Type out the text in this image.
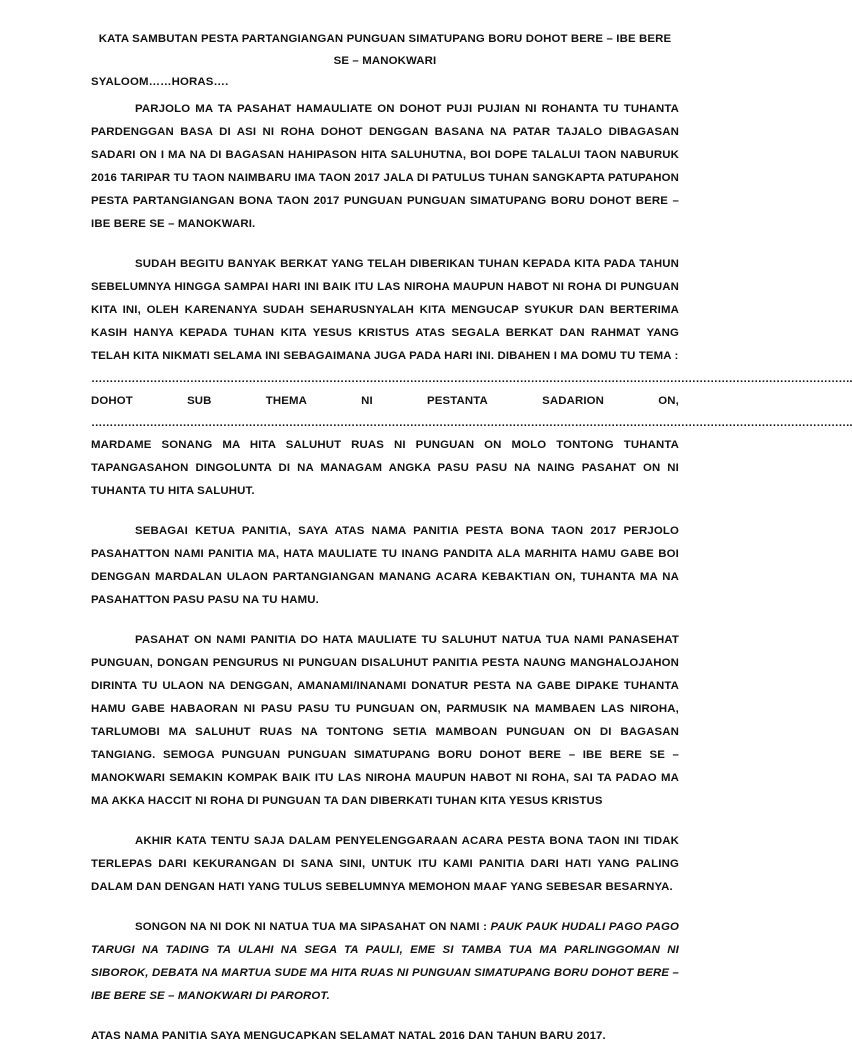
KATA SAMBUTAN PESTA PARTANGIANGAN PUNGUAN SIMATUPANG BORU DOHOT BERE – IBE BERE

SE – MANOKWARI

SYALOOM……HORAS….

PARJOLO MA TA PASAHAT HAMAULIATE ON DOHOT PUJI PUJIAN NI ROHANTA TU TUHANTA PARDENGGAN BASA DI ASI NI ROHA DOHOT DENGGAN BASANA NA PATAR TAJALO DIBAGASAN SADARI ON I MA NA DI BAGASAN HAHIPASON HITA SALUHUTNA, BOI DOPE TALALUI TAON NABURUK 2016 TARIPAR TU TAON NAIMBARU IMA TAON 2017 JALA DI PATULUS TUHAN SANGKAPTA PATUPAHON PESTA PARTANGIANGAN BONA TAON 2017 PUNGUAN PUNGUAN SIMATUPANG BORU DOHOT BERE – IBE BERE SE – MANOKWARI.

SUDAH BEGITU BANYAK BERKAT YANG TELAH DIBERIKAN TUHAN KEPADA KITA PADA TAHUN SEBELUMNYA HINGGA SAMPAI HARI INI BAIK ITU LAS NIROHA MAUPUN HABOT NI ROHA DI PUNGUAN KITA INI, OLEH KARENANYA SUDAH SEHARUSNYALAH KITA MENGUCAP SYUKUR DAN BERTERIMA KASIH HANYA KEPADA TUHAN KITA YESUS KRISTUS ATAS SEGALA BERKAT DAN RAHMAT YANG TELAH KITA NIKMATI SELAMA INI SEBAGAIMANA JUGA PADA HARI INI. DIBAHEN I MA DOMU TU TEMA :

……………………………………………………………………………………………………………………………………………………………………………………….

DOHOT	SUB	THEMA	NI	PESTANTA	SADARION	ON,

……………………………………………………………………………………………………………………………………………………………………………………….

MARDAME SONANG MA HITA SALUHUT RUAS NI PUNGUAN ON MOLO TONTONG TUHANTA TAPANGASAHON DINGOLUNTA DI NA MANAGAM ANGKA PASU PASU NA NAING PASAHAT ON NI TUHANTA TU HITA SALUHUT.

SEBAGAI KETUA PANITIA, SAYA ATAS NAMA PANITIA PESTA BONA TAON 2017 PERJOLO PASAHATTON NAMI PANITIA MA, HATA MAULIATE TU INANG PANDITA ALA MARHITA HAMU GABE BOI DENGGAN MARDALAN ULAON PARTANGIANGAN MANANG ACARA KEBAKTIAN ON, TUHANTA MA NA PASAHATTON PASU PASU NA TU HAMU.

PASAHAT ON NAMI PANITIA DO HATA MAULIATE TU SALUHUT NATUA TUA NAMI PANASEHAT PUNGUAN, DONGAN PENGURUS NI PUNGUAN DISALUHUT PANITIA PESTA NAUNG MANGHALOJAHON DIRINTA TU ULAON NA DENGGAN, AMANAMI/INANAMI DONATUR PESTA NA GABE DIPAKE TUHANTA HAMU GABE HABAORAN NI PASU PASU TU PUNGUAN ON, PARMUSIK NA MAMBAEN LAS NIROHA, TARLUMOBI MA SALUHUT RUAS NA TONTONG SETIA MAMBOAN PUNGUAN ON DI BAGASAN TANGIANG. SEMOGA PUNGUAN PUNGUAN SIMATUPANG BORU DOHOT BERE – IBE BERE SE – MANOKWARI SEMAKIN KOMPAK BAIK ITU LAS NIROHA MAUPUN HABOT NI ROHA, SAI TA PADAO MA MA AKKA HACCIT NI ROHA DI PUNGUAN TA DAN DIBERKATI TUHAN KITA YESUS KRISTUS

AKHIR KATA TENTU SAJA DALAM PENYELENGGARAAN ACARA PESTA BONA TAON INI TIDAK TERLEPAS DARI KEKURANGAN DI SANA SINI, UNTUK ITU KAMI PANITIA DARI HATI YANG PALING DALAM DAN DENGAN HATI YANG TULUS SEBELUMNYA MEMOHON MAAF YANG SEBESAR BESARNYA.

SONGON NA NI DOK NI NATUA TUA MA SIPASAHAT ON NAMI : PAUK PAUK HUDALI PAGO PAGO TARUGI NA TADING TA ULAHI NA SEGA TA PAULI, EME SI TAMBA TUA MA PARLINGGOMAN NI SIBOROK, DEBATA NA MARTUA SUDE MA HITA RUAS NI PUNGUAN SIMATUPANG BORU DOHOT BERE – IBE BERE SE – MANOKWARI DI PAROROT.

ATAS NAMA PANITIA SAYA MENGUCAPKAN SELAMAT NATAL 2016 DAN TAHUN BARU 2017.
